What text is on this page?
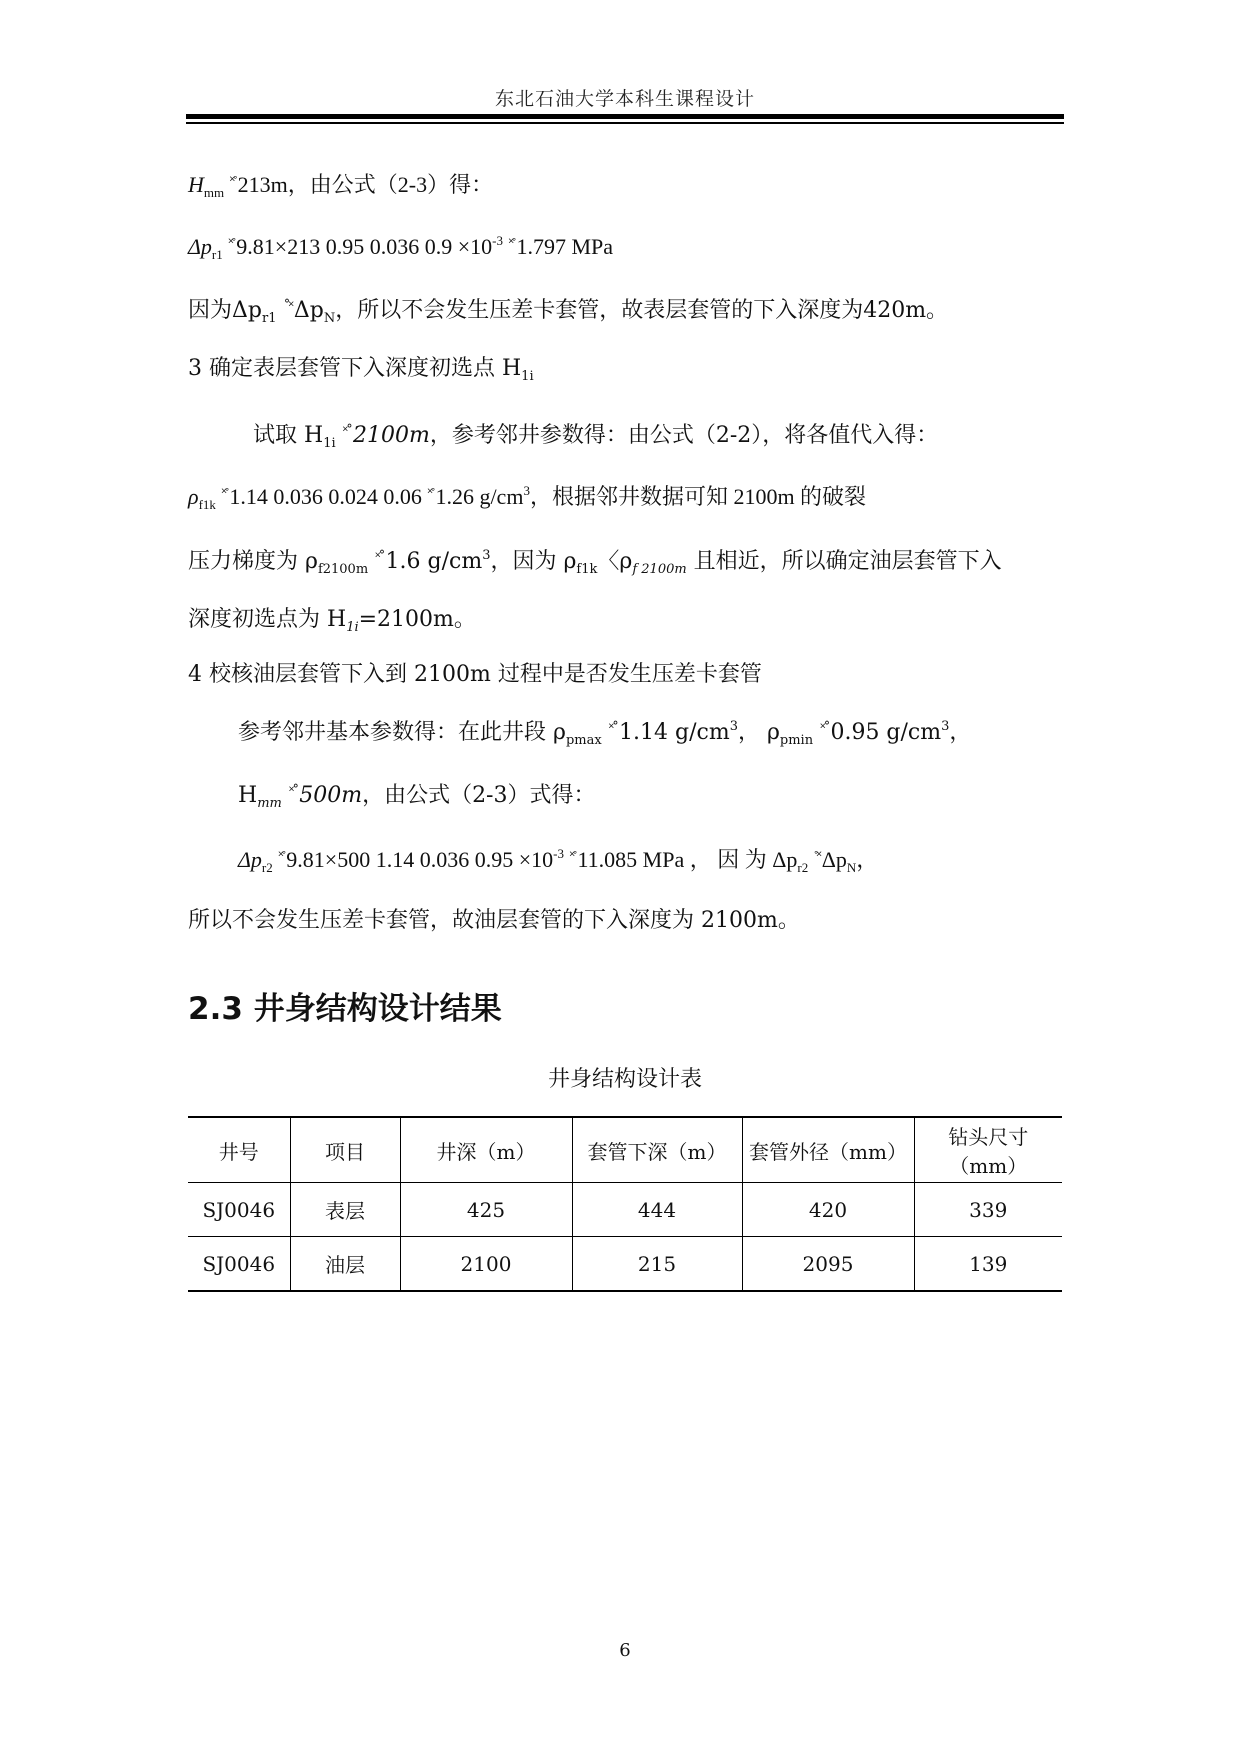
东北石油大学本科生课程设计
$H_{mm}$ ˟˚213m，由公式（2-3）得：
$\Delta p_{r1}$ ˟˚9.81×213 0.95 0.036 $0.9 \times 10^{-3}$ ˟˚1.797 MPa
因为$\Delta p_{r1}$ $^{˚˟}\Delta p_N$，所以不会发生压差卡套管，故表层套管的下入深度为420m。
3 确定表层套管下入深度初选点 $H_{1i}$
试取 $H_{1i}$ ˟˚2100m，参考邻井参数得：由公式（2-2），将各值代入得：
$\rho_{f1k}$ ˟˚1.14 0.036 0.024 0.06 ˟˚1.26 $g/cm^3$，根据邻井数据可知 2100m 的破裂
压力梯度为 $\rho_{f2100m}$ ˟˚1.6 $g/cm^3$，因为 $\rho_{f1k}$〈$\rho_{f 2100m}$ 且相近，所以确定油层套管下入
深度初选点为 $H_{1i}=2100m$。
4 校核油层套管下入到 2100m 过程中是否发生压差卡套管
参考邻井基本参数得：在此井段 $\rho_{pmax}$ ˟˚1.14 $g/cm^3$， $\rho_{pmin}$ ˟˚0.95 $g/cm^3$，
$H_{mm}$ ˟˚500m，由公式（2-3）式得：
$\Delta p_{r2}$ ˟˚9.81×500 1.14 0.036 $0.95 \times 10^{-3}$ ˟˚11.085 MPa ， 因 为 $\Delta p_{r2}$ $^{˚˟}\Delta p_N$，
所以不会发生压差卡套管，故油层套管的下入深度为 2100m。
2.3 井身结构设计结果
井身结构设计表
井号	项目	井深（m）	套管下深（m）	套管外径（mm）	钻头尺寸
（mm）

SJ0046	表层	425	444	420	339
SJ0046	油层	2100	215	2095	139
6
